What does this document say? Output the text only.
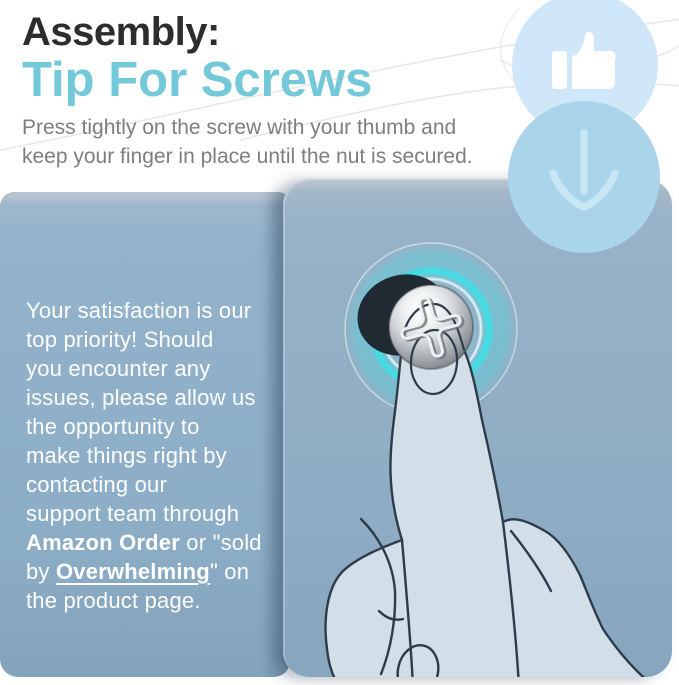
Assembly:
Tip For Screws
Press tightly on the screw with your thumb and
keep your finger in place until the nut is secured.
Your satisfaction is our
top priority! Should
you encounter any
issues, please allow us
the opportunity to
make things right by
contacting our
support team through
Amazon Order or "sold
by Overwhelming" on
the product page.
